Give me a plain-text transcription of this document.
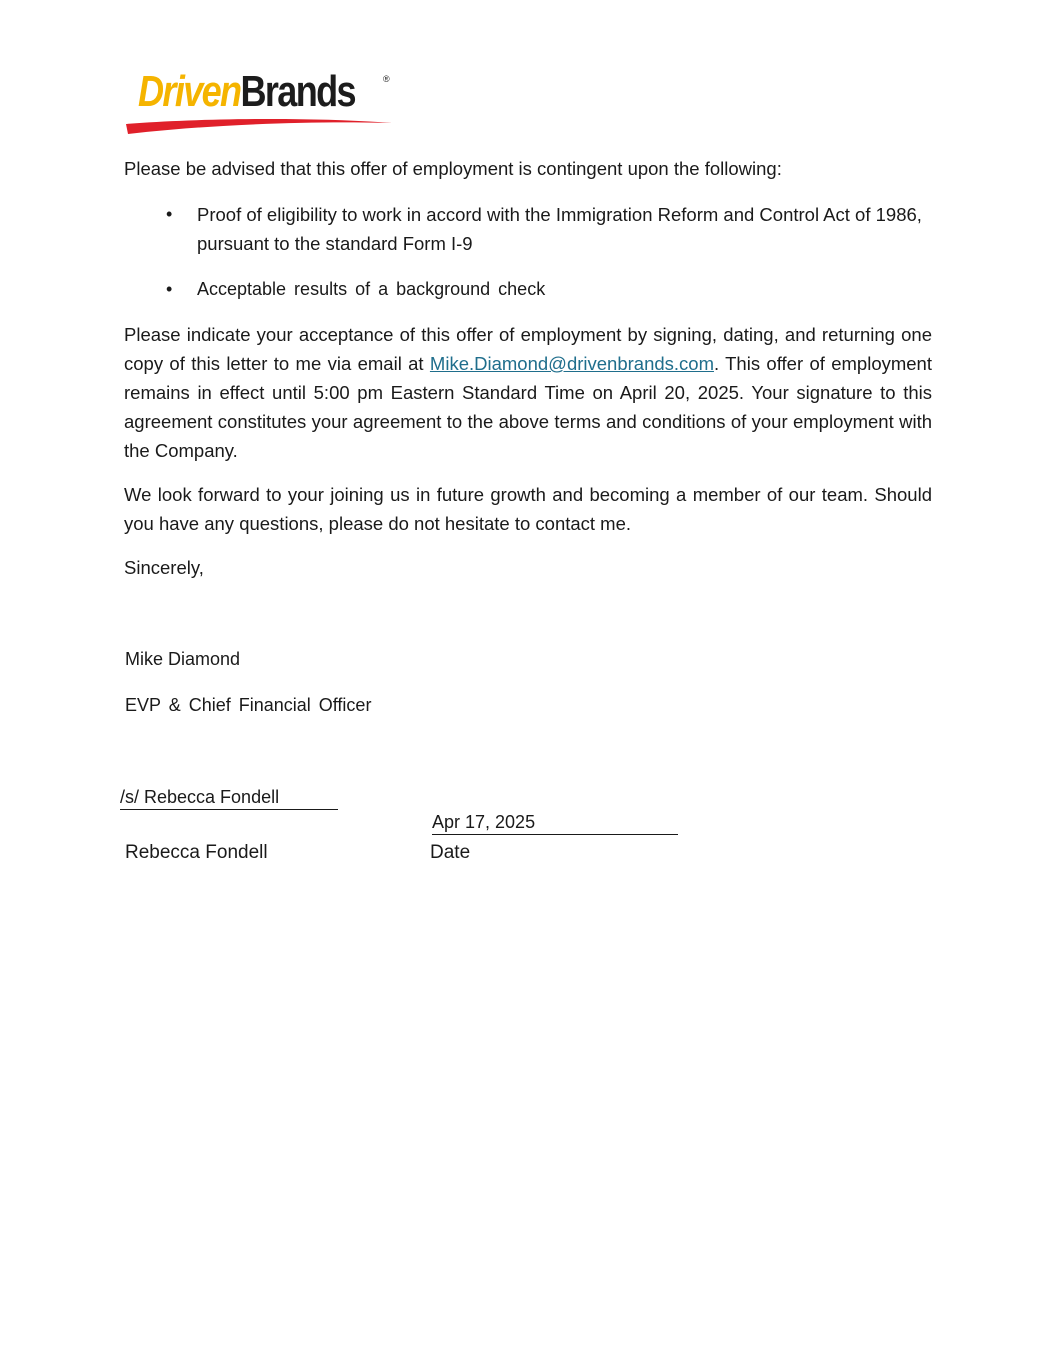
DrivenBrands	®
Please be advised that this offer of employment is contingent upon the following:
• Proof of eligibility to work in accord with the Immigration Reform and Control Act of 1986, pursuant to the standard Form I-9
• Acceptable results of a background check
Please indicate your acceptance of this offer of employment by signing, dating, and returning one copy of this letter to me via email at Mike.Diamond@drivenbrands.com. This offer of employment remains in effect until 5:00 pm Eastern Standard Time on April 20, 2025. Your signature to this agreement constitutes your agreement to the above terms and conditions of your employment with the Company.
We look forward to your joining us in future growth and becoming a member of our team. Should you have any questions, please do not hesitate to contact me.
Sincerely,
Mike Diamond
EVP & Chief Financial Officer
/s/ Rebecca Fondell
Apr 17, 2025
Rebecca Fondell	Date
